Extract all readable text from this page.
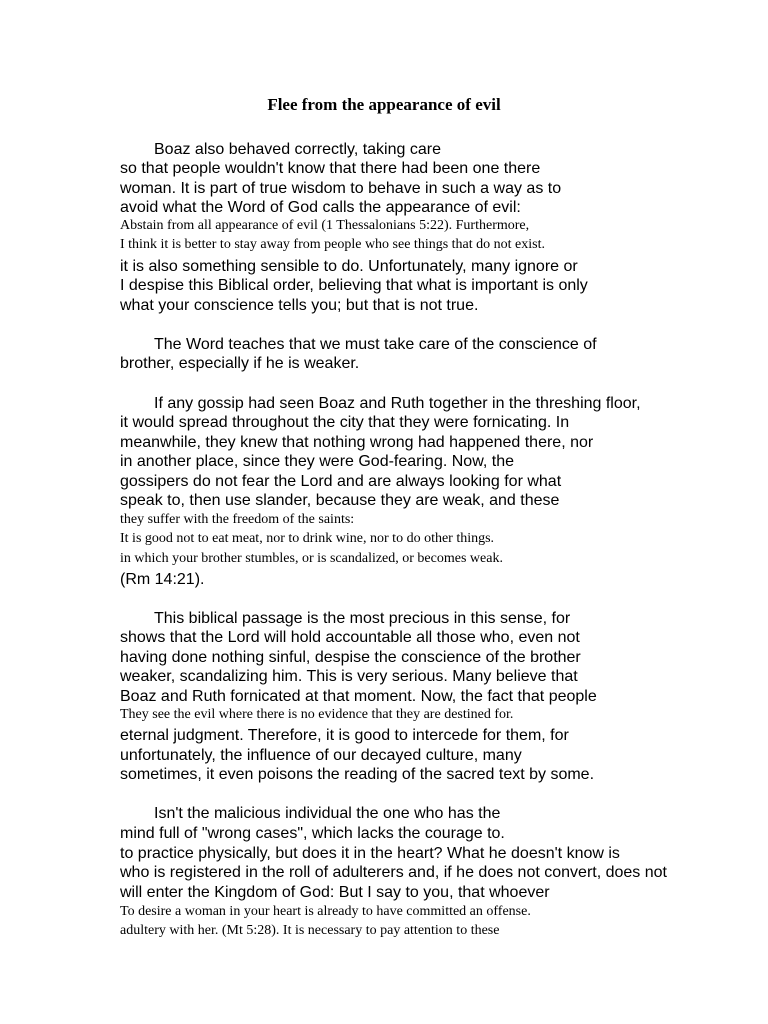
Flee from the appearance of evil
Boaz also behaved correctly, taking care
so that people wouldn't know that there had been one there
woman. It is part of true wisdom to behave in such a way as to
avoid what the Word of God calls the appearance of evil:
Abstain from all appearance of evil (1 Thessalonians 5:22). Furthermore,
I think it is better to stay away from people who see things that do not exist.
it is also something sensible to do. Unfortunately, many ignore or
I despise this Biblical order, believing that what is important is only
what your conscience tells you; but that is not true.
The Word teaches that we must take care of the conscience of
brother, especially if he is weaker.
If any gossip had seen Boaz and Ruth together in the threshing floor,
it would spread throughout the city that they were fornicating. In
meanwhile, they knew that nothing wrong had happened there, nor
in another place, since they were God-fearing. Now, the
gossipers do not fear the Lord and are always looking for what
speak to, then use slander, because they are weak, and these
they suffer with the freedom of the saints:
It is good not to eat meat, nor to drink wine, nor to do other things.
in which your brother stumbles, or is scandalized, or becomes weak.
(Rm 14:21).
This biblical passage is the most precious in this sense, for
shows that the Lord will hold accountable all those who, even not
having done nothing sinful, despise the conscience of the brother
weaker, scandalizing him. This is very serious. Many believe that
Boaz and Ruth fornicated at that moment. Now, the fact that people
They see the evil where there is no evidence that they are destined for.
eternal judgment. Therefore, it is good to intercede for them, for
unfortunately, the influence of our decayed culture, many
sometimes, it even poisons the reading of the sacred text by some.
Isn't the malicious individual the one who has the
mind full of "wrong cases", which lacks the courage to.
to practice physically, but does it in the heart? What he doesn't know is
who is registered in the roll of adulterers and, if he does not convert, does not
will enter the Kingdom of God: But I say to you, that whoever
To desire a woman in your heart is already to have committed an offense.
adultery with her. (Mt 5:28). It is necessary to pay attention to these
